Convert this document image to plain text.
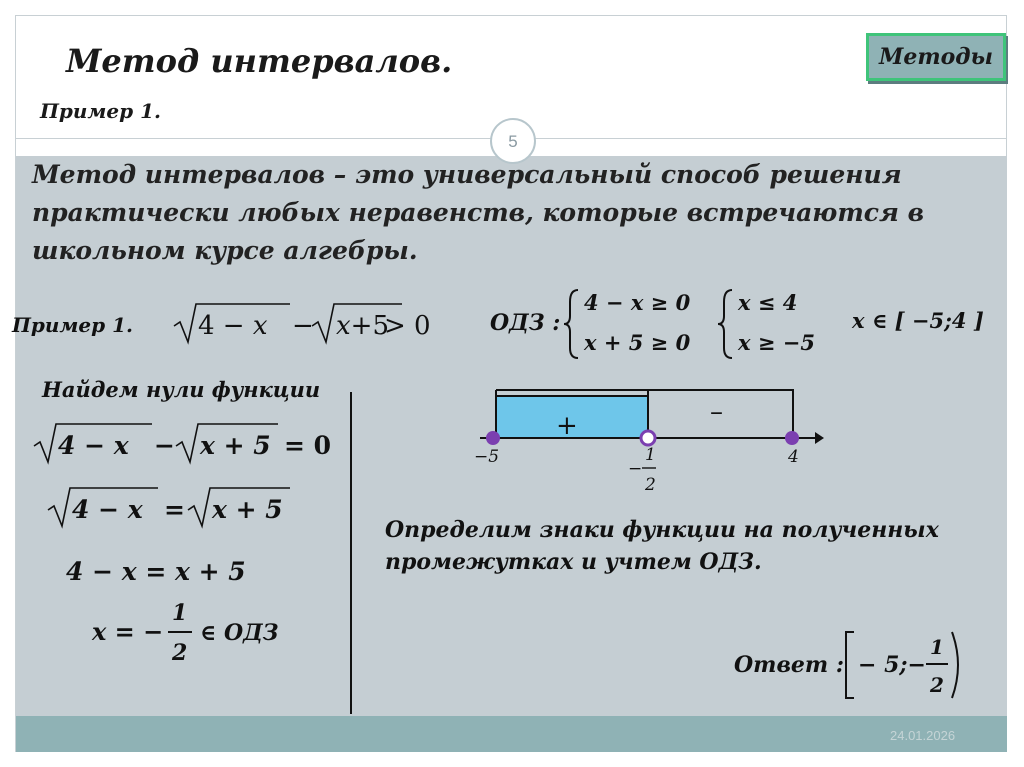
5
Метод интервалов.
Пример 1.
Методы
Метод интервалов – это универсальный способ решения практически любых неравенств, которые встречаются в школьном курсе алгебры.
Пример 1.	4 − x − x+5
> 0	ОДЗ :
4 − x ≥ 0
x + 5 ≥ 0
x ≤ 4
x ≥ −5
x ∈ [ −5;4 ]
Найдем нули функции
4 − x − x + 5 = 0
4 − x = x + 5
4 − x = x + 5
x = −
1
2
∈ ОДЗ
+	–
−5
−
1
2
4
Определим знаки функции на полученных промежутках и учтем ОДЗ.
Ответ : − 5;−
1
2
24.01.2026
